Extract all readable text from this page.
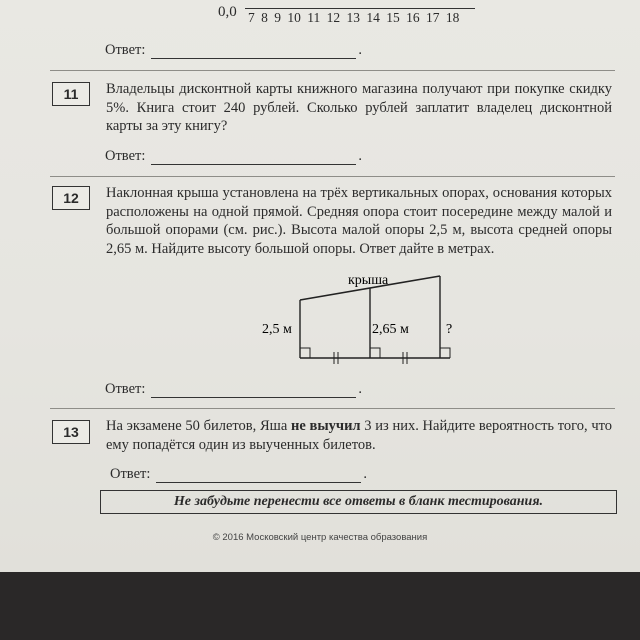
0,0 7 8 9 10 11 12 13 14 15 16 17 18
Ответ:	.
11	Владельцы дисконтной карты книжного магазина получают при покупке скидку 5%. Книга стоит 240 рублей. Сколько рублей заплатит владелец дисконтной карты за эту книгу?
Ответ:	.
12	Наклонная крыша установлена на трёх вертикальных опорах, основания которых расположены на одной прямой. Средняя опора стоит посередине между малой и большой опорами (см. рис.). Высота малой опоры 2,5 м, высота средней опоры 2,65 м. Найдите высоту большой опоры. Ответ дайте в метрах.
крыша
2,5 м	2,65 м	?
Ответ:	.
13	На экзамене 50 билетов, Яша не выучил 3 из них. Найдите вероятность того, что ему попадётся один из выученных билетов.
Ответ:	.
Не забудьте перенести все ответы в бланк тестирования.
© 2016 Московский центр качества образования
